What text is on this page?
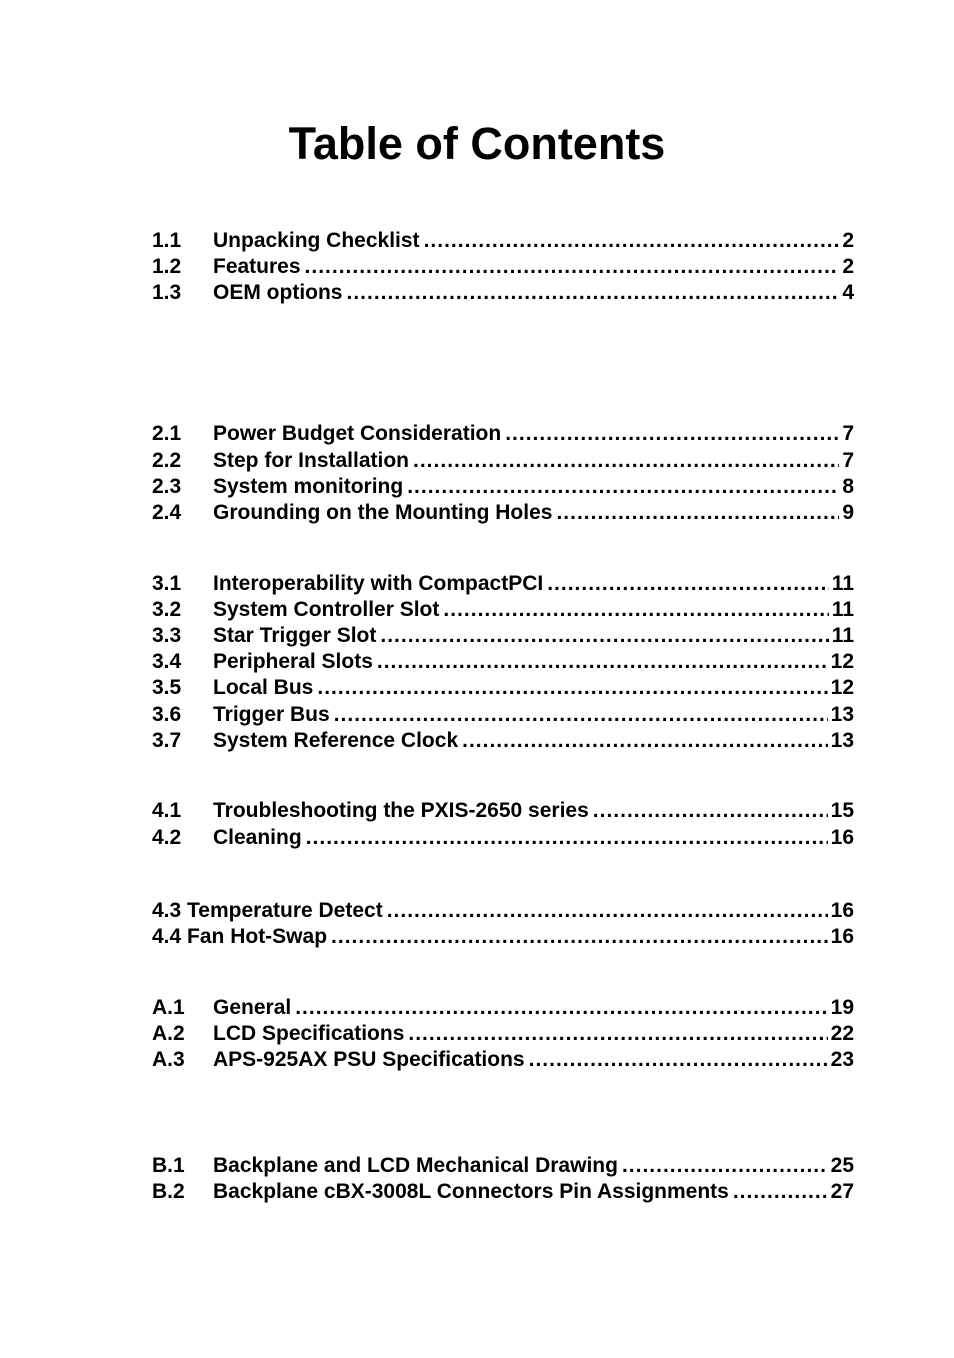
Table of Contents
1.1	Unpacking Checklist .....	2
1.2	Features .....	2
1.3	OEM options .....	4
2.1	Power Budget Consideration .....	7
2.2	Step for Installation .....	7
2.3	System monitoring .....	8
2.4	Grounding on the Mounting Holes .....	9
3.1	Interoperability with CompactPCI .....	11
3.2	System Controller Slot .....	11
3.3	Star Trigger Slot .....	11
3.4	Peripheral Slots .....	12
3.5	Local Bus .....	12
3.6	Trigger Bus .....	13
3.7	System Reference Clock .....	13
4.1	Troubleshooting the PXIS-2650 series .....	15
4.2	Cleaning .....	16
4.3 Temperature Detect .....	16
4.4 Fan Hot-Swap .....	16
A.1	General .....	19
A.2	LCD Specifications .....	22
A.3	APS-925AX PSU Specifications .....	23
B.1	Backplane and LCD Mechanical Drawing .....	25
B.2	Backplane cBX-3008L Connectors Pin Assignments .....	27
